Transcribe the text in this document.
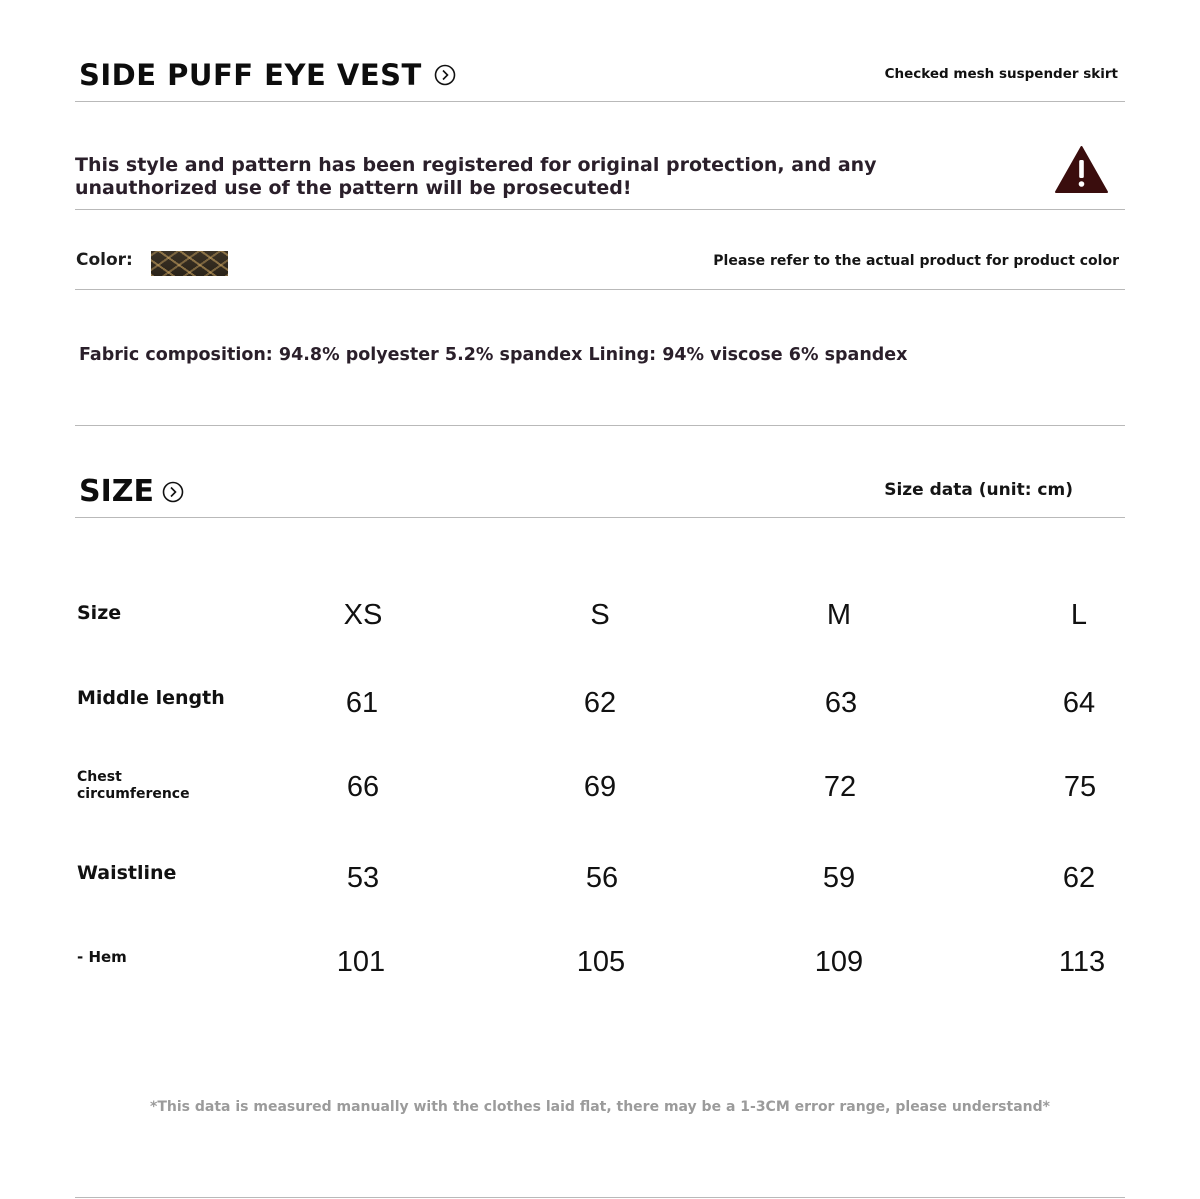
SIDE PUFF EYE VEST	Checked mesh suspender skirt
This style and pattern has been registered for original protection, and any unauthorized use of the pattern will be prosecuted!
Color:	Please refer to the actual product for product color
Fabric composition: 94.8% polyester 5.2% spandex Lining: 94% viscose 6% spandex
SIZE	Size data (unit: cm)
Size	XS	S	M	L
Middle length	61	62	63	64
Chest
circumference	66	69	72	75
Waistline	53	56	59	62
- Hem	101	105	109	113
*This data is measured manually with the clothes laid flat, there may be a 1-3CM error range, please understand*
